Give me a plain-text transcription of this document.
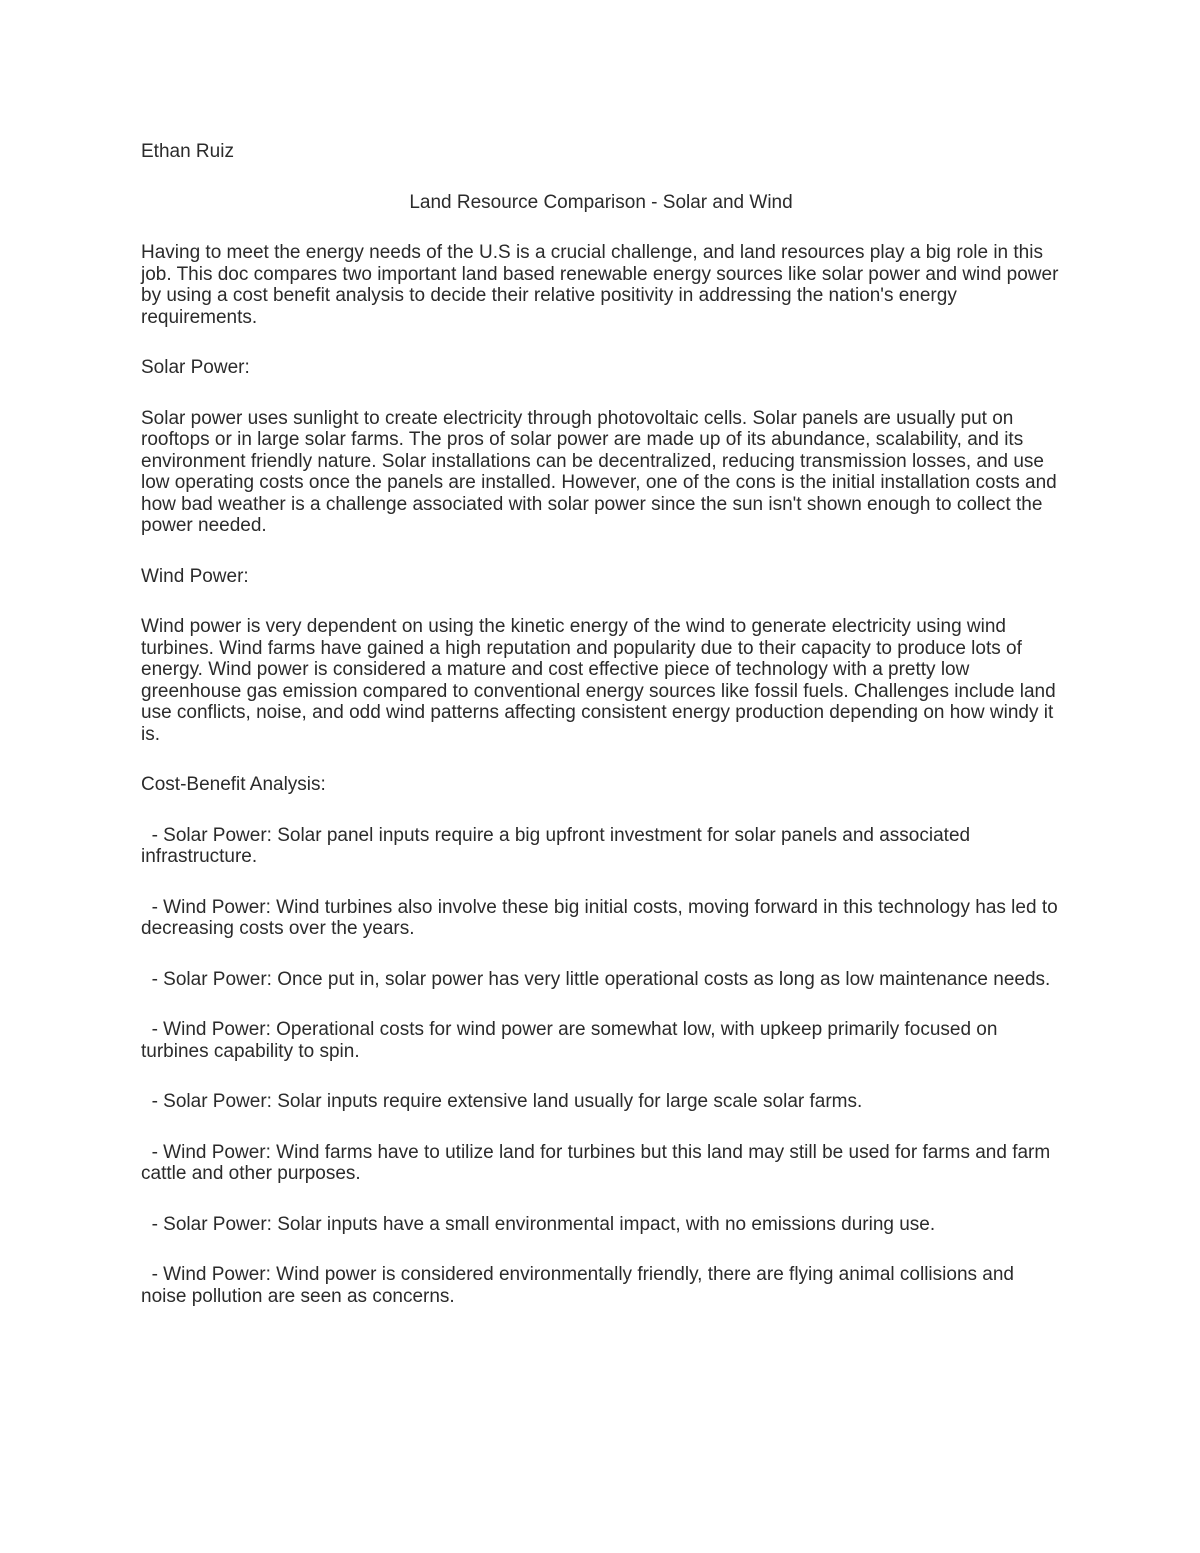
Ethan Ruiz
Land Resource Comparison - Solar and Wind

Having to meet the energy needs of the U.S is a crucial challenge, and land resources play a big role in this job. This doc compares two important land based renewable energy sources like solar power and wind power by using a cost benefit analysis to decide their relative positivity in addressing the nation's energy requirements.

Solar Power:

Solar power uses sunlight to create electricity through photovoltaic cells. Solar panels are usually put on rooftops or in large solar farms. The pros of solar power are made up of its abundance, scalability, and its environment friendly nature. Solar installations can be decentralized, reducing transmission losses, and use low operating costs once the panels are installed. However, one of the cons is the initial installation costs and how bad weather is a challenge associated with solar power since the sun isn't shown enough to collect the power needed.

Wind Power:

Wind power is very dependent on using the kinetic energy of the wind to generate electricity using wind turbines. Wind farms have gained a high reputation and popularity due to their capacity to produce lots of energy. Wind power is considered a mature and cost effective piece of technology with a pretty low greenhouse gas emission compared to conventional energy sources like fossil fuels. Challenges include land use conflicts, noise, and odd wind patterns affecting consistent energy production depending on how windy it is.

Cost-Benefit Analysis:
- Solar Power: Solar panel inputs require a big upfront investment for solar panels and associated infrastructure.
- Wind Power: Wind turbines also involve these big initial costs, moving forward in this technology has led to decreasing costs over the years.
- Solar Power: Once put in, solar power has very little operational costs as long as low maintenance needs.
- Wind Power: Operational costs for wind power are somewhat low, with upkeep primarily focused on turbines capability to spin.
- Solar Power: Solar inputs require extensive land usually for large scale solar farms.
- Wind Power: Wind farms have to utilize land for turbines but this land may still be used for farms and farm cattle and other purposes.
- Solar Power: Solar inputs have a small environmental impact, with no emissions during use.
- Wind Power: Wind power is considered environmentally friendly, there are flying animal collisions and noise pollution are seen as concerns.
